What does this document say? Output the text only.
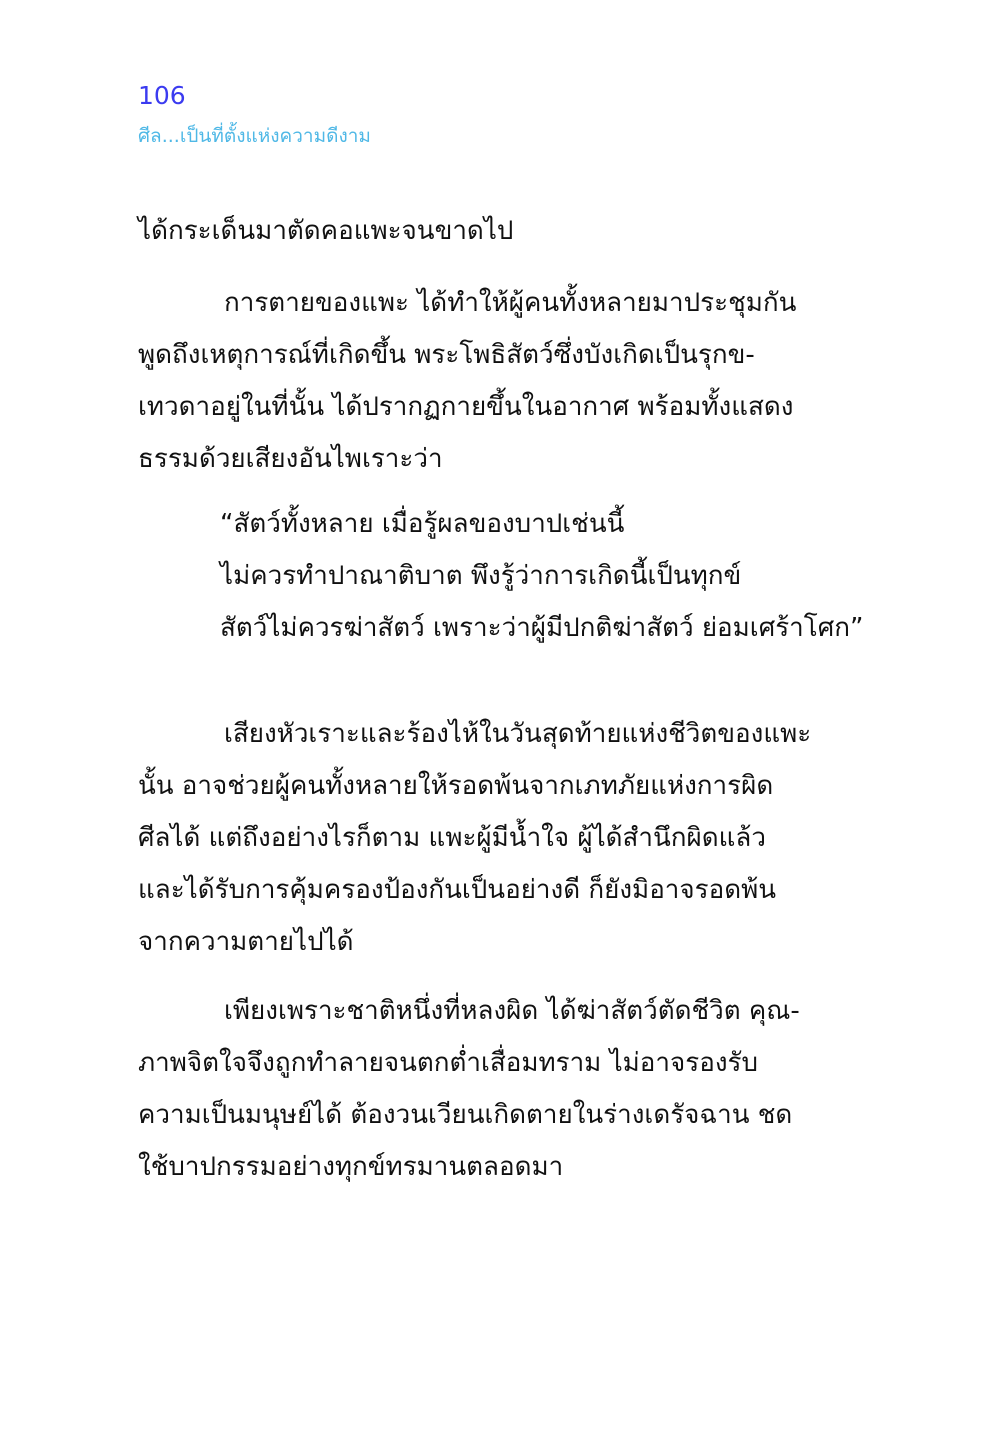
106
ศีล...เป็นที่ตั้งแห่งความดีงาม
ได้กระเด็นมาตัดคอแพะจนขาดไป
การตายของแพะ ได้ทำให้ผู้คนทั้งหลายมาประชุมกัน
พูดถึงเหตุการณ์ที่เกิดขึ้น พระโพธิสัตว์ซึ่งบังเกิดเป็นรุกข-
เทวดาอยู่ในที่นั้น ได้ปรากฏกายขึ้นในอากาศ พร้อมทั้งแสดง
ธรรมด้วยเสียงอันไพเราะว่า
“สัตว์ทั้งหลาย เมื่อรู้ผลของบาปเช่นนี้
ไม่ควรทำปาณาติบาต พึงรู้ว่าการเกิดนี้เป็นทุกข์
สัตว์ไม่ควรฆ่าสัตว์ เพราะว่าผู้มีปกติฆ่าสัตว์ ย่อมเศร้าโศก”
เสียงหัวเราะและร้องไห้ในวันสุดท้ายแห่งชีวิตของแพะ
นั้น อาจช่วยผู้คนทั้งหลายให้รอดพ้นจากเภทภัยแห่งการผิด
ศีลได้ แต่ถึงอย่างไรก็ตาม แพะผู้มีน้ำใจ ผู้ได้สำนึกผิดแล้ว
และได้รับการคุ้มครองป้องกันเป็นอย่างดี ก็ยังมิอาจรอดพ้น
จากความตายไปได้
เพียงเพราะชาติหนึ่งที่หลงผิด ได้ฆ่าสัตว์ตัดชีวิต คุณ-
ภาพจิตใจจึงถูกทำลายจนตกต่ำเสื่อมทราม ไม่อาจรองรับ
ความเป็นมนุษย์ได้ ต้องวนเวียนเกิดตายในร่างเดรัจฉาน ชด
ใช้บาปกรรมอย่างทุกข์ทรมานตลอดมา
